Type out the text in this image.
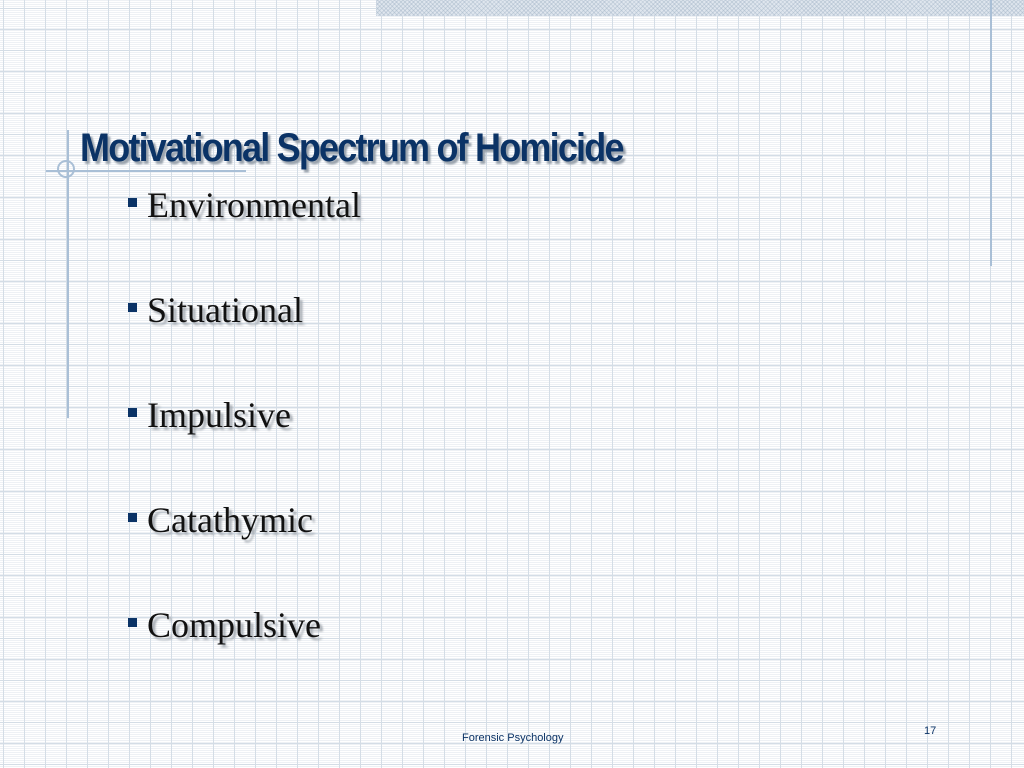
Motivational Spectrum of Homicide
Environmental
Situational
Impulsive
Catathymic
Compulsive
Forensic Psychology
17
